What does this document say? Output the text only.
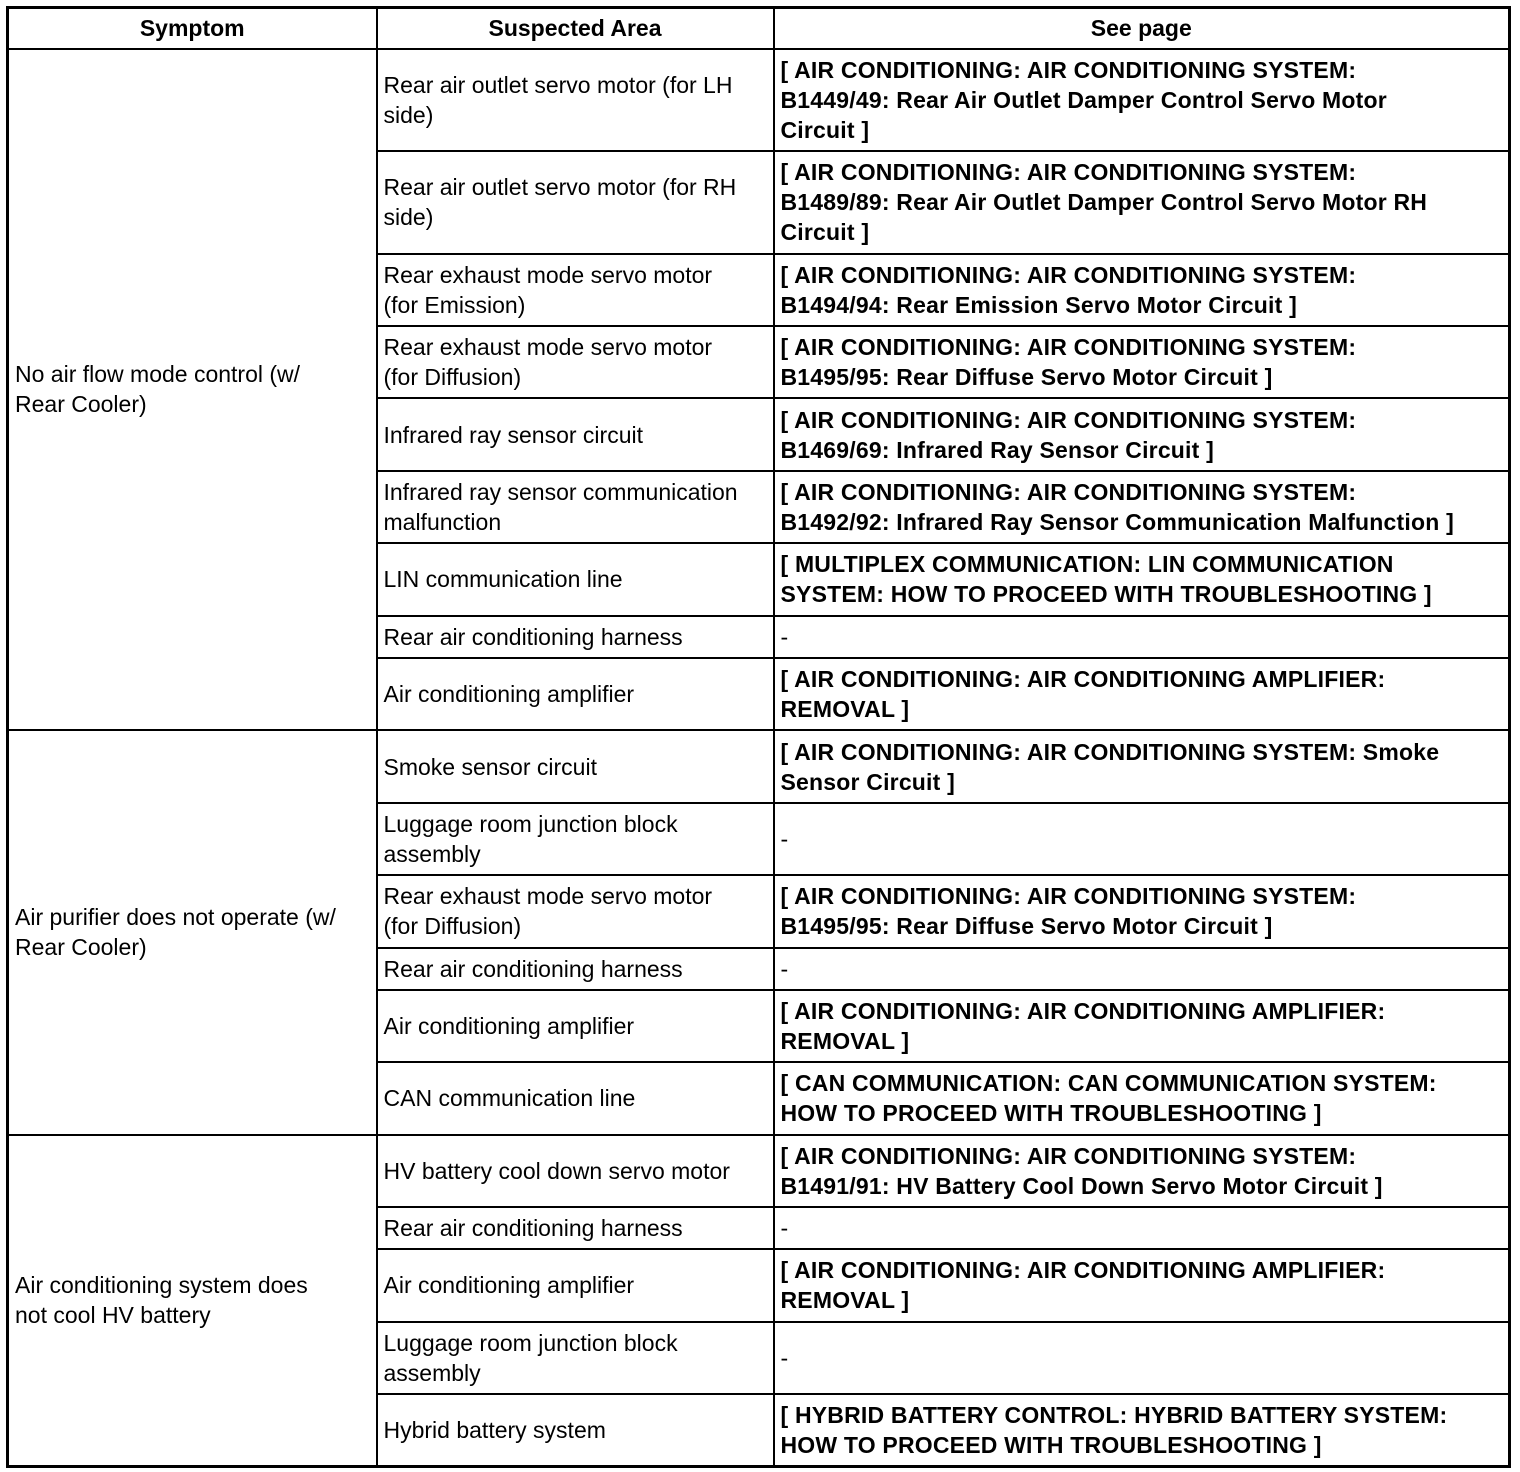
Symptom	Suspected Area	See page
No air flow mode control (w/
Rear Cooler)	Rear air outlet servo motor (for LH
side)	[ AIR CONDITIONING: AIR CONDITIONING SYSTEM:
B1449/49: Rear Air Outlet Damper Control Servo Motor
Circuit ]
	Rear air outlet servo motor (for RH
side)	[ AIR CONDITIONING: AIR CONDITIONING SYSTEM:
B1489/89: Rear Air Outlet Damper Control Servo Motor RH
Circuit ]
	Rear exhaust mode servo motor
(for Emission)	[ AIR CONDITIONING: AIR CONDITIONING SYSTEM:
B1494/94: Rear Emission Servo Motor Circuit ]
	Rear exhaust mode servo motor
(for Diffusion)	[ AIR CONDITIONING: AIR CONDITIONING SYSTEM:
B1495/95: Rear Diffuse Servo Motor Circuit ]
	Infrared ray sensor circuit	[ AIR CONDITIONING: AIR CONDITIONING SYSTEM:
B1469/69: Infrared Ray Sensor Circuit ]
	Infrared ray sensor communication
malfunction	[ AIR CONDITIONING: AIR CONDITIONING SYSTEM:
B1492/92: Infrared Ray Sensor Communication Malfunction ]
	LIN communication line	[ MULTIPLEX COMMUNICATION: LIN COMMUNICATION
SYSTEM: HOW TO PROCEED WITH TROUBLESHOOTING ]
	Rear air conditioning harness	-
	Air conditioning amplifier	[ AIR CONDITIONING: AIR CONDITIONING AMPLIFIER:
REMOVAL ]
Air purifier does not operate (w/
Rear Cooler)	Smoke sensor circuit	[ AIR CONDITIONING: AIR CONDITIONING SYSTEM: Smoke
Sensor Circuit ]
	Luggage room junction block
assembly	-
	Rear exhaust mode servo motor
(for Diffusion)	[ AIR CONDITIONING: AIR CONDITIONING SYSTEM:
B1495/95: Rear Diffuse Servo Motor Circuit ]
	Rear air conditioning harness	-
	Air conditioning amplifier	[ AIR CONDITIONING: AIR CONDITIONING AMPLIFIER:
REMOVAL ]
	CAN communication line	[ CAN COMMUNICATION: CAN COMMUNICATION SYSTEM:
HOW TO PROCEED WITH TROUBLESHOOTING ]
Air conditioning system does
not cool HV battery	HV battery cool down servo motor	[ AIR CONDITIONING: AIR CONDITIONING SYSTEM:
B1491/91: HV Battery Cool Down Servo Motor Circuit ]
	Rear air conditioning harness	-
	Air conditioning amplifier	[ AIR CONDITIONING: AIR CONDITIONING AMPLIFIER:
REMOVAL ]
	Luggage room junction block
assembly	-
	Hybrid battery system	[ HYBRID BATTERY CONTROL: HYBRID BATTERY SYSTEM:
HOW TO PROCEED WITH TROUBLESHOOTING ]
